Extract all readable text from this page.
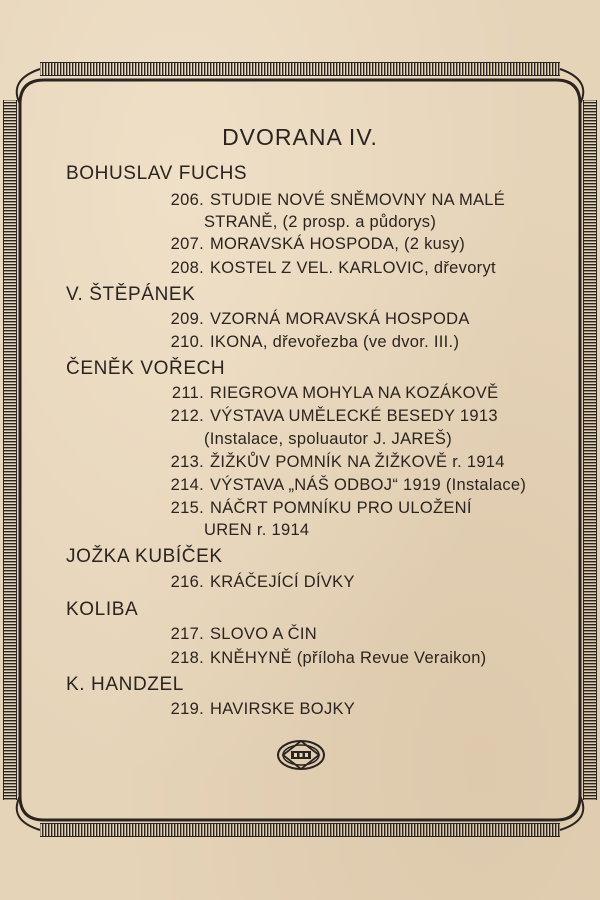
DVORANA IV.
BOHUSLAV FUCHS
206. STUDIE NOVÉ SNĚMOVNY NA MALÉ
STRANĚ, (2 prosp. a půdorys)
207. MORAVSKÁ HOSPODA, (2 kusy)
208. KOSTEL Z VEL. KARLOVIC, dřevoryt
V. ŠTĚPÁNEK
209. VZORNÁ MORAVSKÁ HOSPODA
210. IKONA, dřevořezba (ve dvor. III.)
ČENĚK VOŘECH
211. RIEGROVA MOHYLA NA KOZÁKOVĚ
212. VÝSTAVA UMĚLECKÉ BESEDY 1913
(Instalace, spoluautor J. JAREŠ)
213. ŽIŽKŮV POMNÍK NA ŽIŽKOVĚ r. 1914
214. VÝSTAVA „NÁŠ ODBOJ“ 1919 (Instalace)
215. NÁČRT POMNÍKU PRO ULOŽENÍ
UREN r. 1914
JOŽKA KUBÍČEK
216. KRÁČEJÍCÍ DÍVKY
KOLIBA
217. SLOVO A ČIN
218. KNĚHYNĚ (příloha Revue Veraikon)
K. HANDZEL
219. HAVIRSKE BOJKY
